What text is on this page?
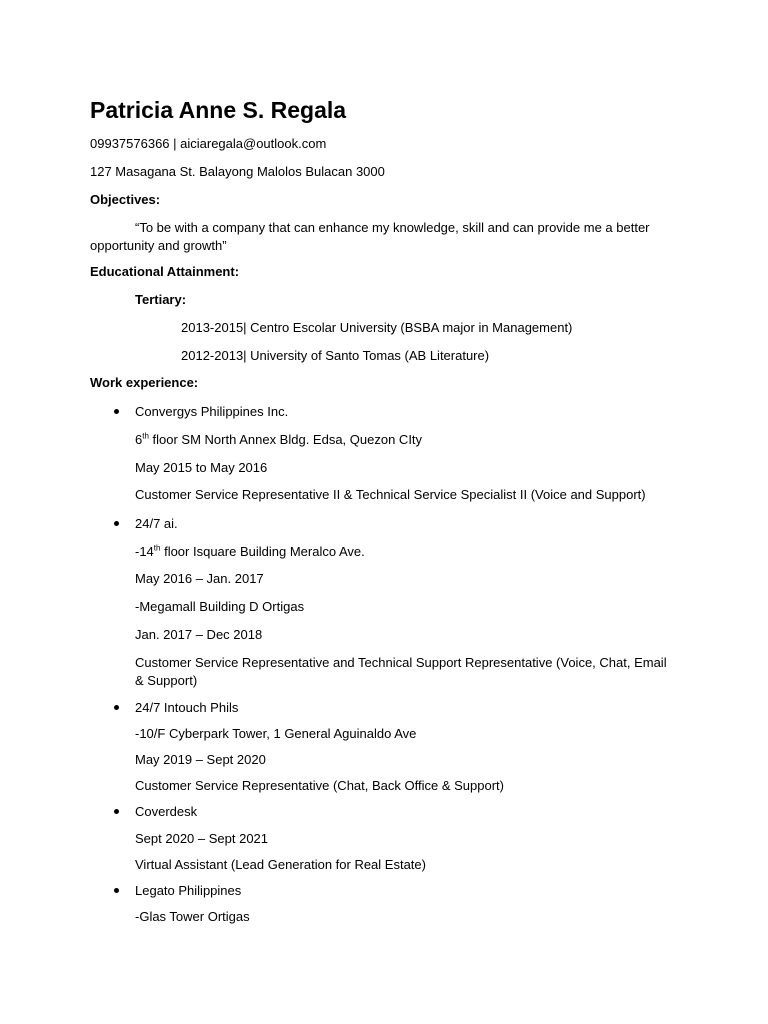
Patricia Anne S. Regala
09937576366 | aiciaregala@outlook.com
127 Masagana St. Balayong Malolos Bulacan 3000
Objectives:
“To be with a company that can enhance my knowledge, skill and can provide me a better opportunity and growth”
Educational Attainment:
Tertiary:
2013-2015| Centro Escolar University (BSBA major in Management)
2012-2013| University of Santo Tomas (AB Literature)
Work experience:
Convergys Philippines Inc.
6th floor SM North Annex Bldg. Edsa, Quezon CIty
May 2015 to May 2016
Customer Service Representative II & Technical Service Specialist II (Voice and Support)
24/7 ai.
-14th floor Isquare Building Meralco Ave.
May 2016 – Jan. 2017
-Megamall Building D Ortigas
Jan. 2017 – Dec 2018
Customer Service Representative and Technical Support Representative (Voice, Chat, Email & Support)
24/7 Intouch Phils
-10/F Cyberpark Tower, 1 General Aguinaldo Ave
May 2019 – Sept 2020
Customer Service Representative (Chat, Back Office & Support)
Coverdesk
Sept 2020 – Sept 2021
Virtual Assistant (Lead Generation for Real Estate)
Legato Philippines
-Glas Tower Ortigas
